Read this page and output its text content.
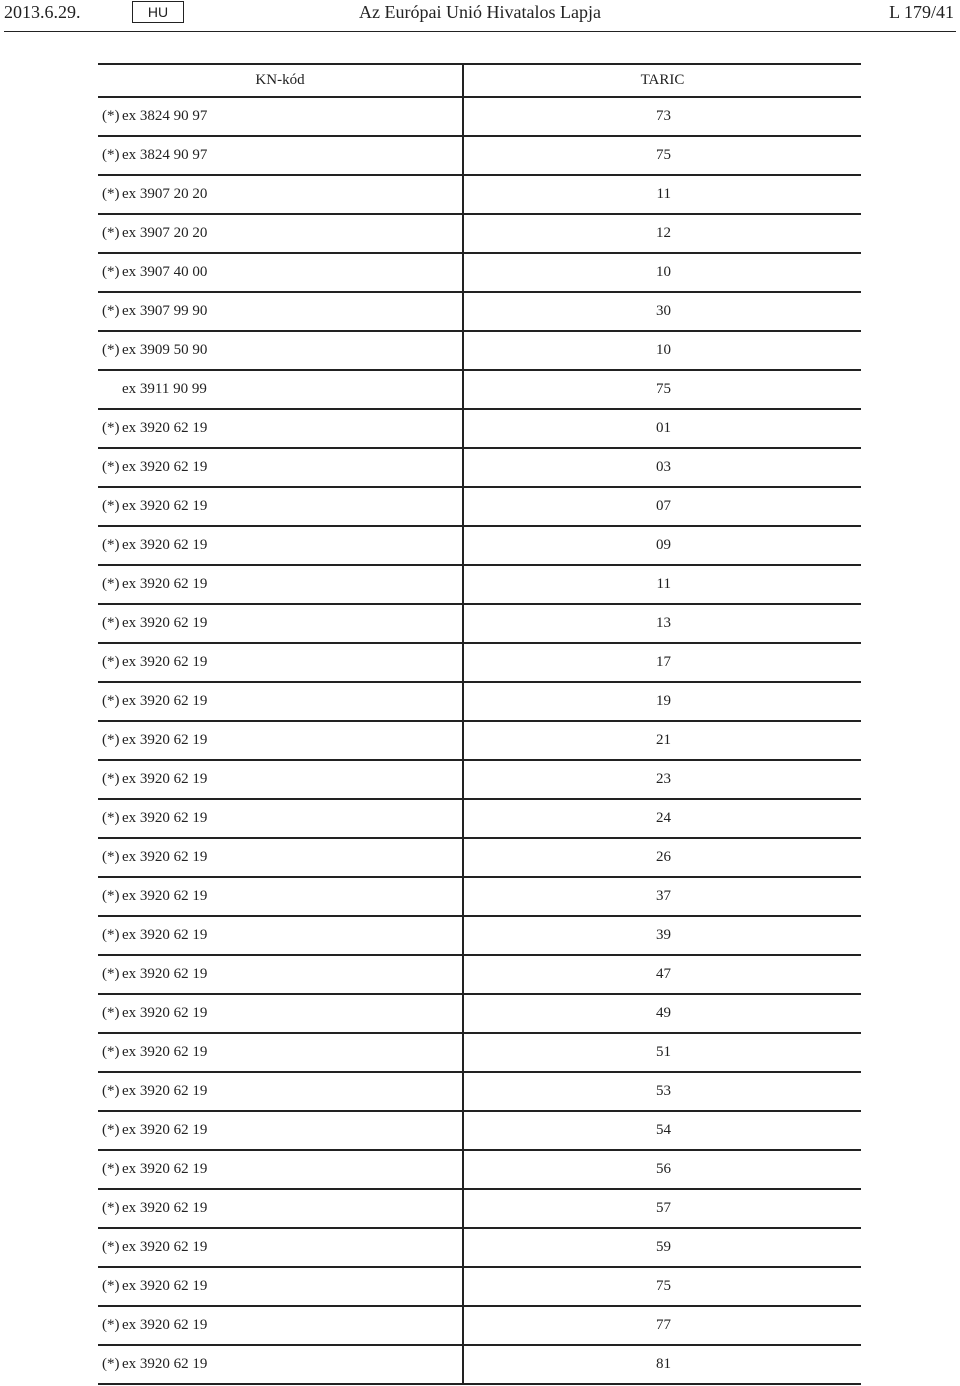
2013.6.29.	HU	Az Európai Unió Hivatalos Lapja	L 179/41
KN-kód	TARIC
(*) ex 3824 90 97	73
(*) ex 3824 90 97	75
(*) ex 3907 20 20	11
(*) ex 3907 20 20	12
(*) ex 3907 40 00	10
(*) ex 3907 99 90	30
(*) ex 3909 50 90	10
ex 3911 90 99	75
(*) ex 3920 62 19	01
(*) ex 3920 62 19	03
(*) ex 3920 62 19	07
(*) ex 3920 62 19	09
(*) ex 3920 62 19	11
(*) ex 3920 62 19	13
(*) ex 3920 62 19	17
(*) ex 3920 62 19	19
(*) ex 3920 62 19	21
(*) ex 3920 62 19	23
(*) ex 3920 62 19	24
(*) ex 3920 62 19	26
(*) ex 3920 62 19	37
(*) ex 3920 62 19	39
(*) ex 3920 62 19	47
(*) ex 3920 62 19	49
(*) ex 3920 62 19	51
(*) ex 3920 62 19	53
(*) ex 3920 62 19	54
(*) ex 3920 62 19	56
(*) ex 3920 62 19	57
(*) ex 3920 62 19	59
(*) ex 3920 62 19	75
(*) ex 3920 62 19	77
(*) ex 3920 62 19	81
